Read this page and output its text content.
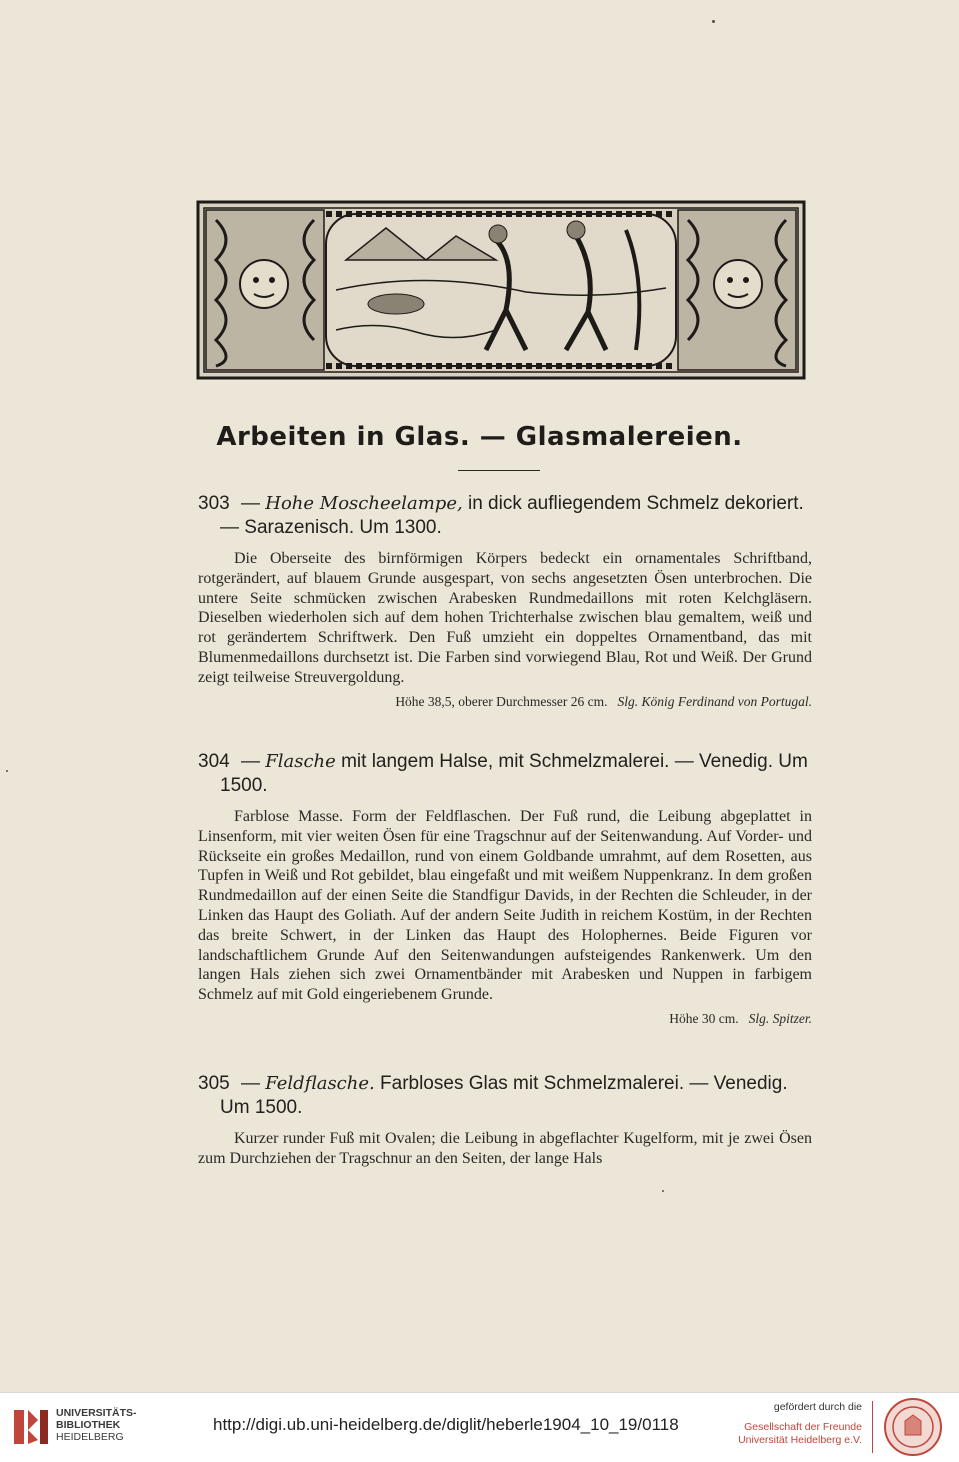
Arbeiten in Glas. — Glasmalereien.
303 — Hohe Moscheelampe, in dick aufliegendem Schmelz dekoriert. — Sarazenisch. Um 1300.
Die Oberseite des birnförmigen Körpers bedeckt ein ornamentales Schriftband, rotgerändert, auf blauem Grunde ausgespart, von sechs angesetzten Ösen unterbrochen. Die untere Seite schmücken zwischen Arabesken Rundmedaillons mit roten Kelchgläsern. Dieselben wiederholen sich auf dem hohen Trichterhalse zwischen blau gemaltem, weiß und rot gerändertem Schriftwerk. Den Fuß umzieht ein doppeltes Ornamentband, das mit Blumenmedaillons durchsetzt ist. Die Farben sind vorwiegend Blau, Rot und Weiß. Der Grund zeigt teilweise Streuvergoldung.
Höhe 38,5, oberer Durchmesser 26 cm. Slg. König Ferdinand von Portugal.
304 — Flasche mit langem Halse, mit Schmelzmalerei. — Venedig. Um 1500.
Farblose Masse. Form der Feldflaschen. Der Fuß rund, die Leibung abgeplattet in Linsenform, mit vier weiten Ösen für eine Tragschnur auf der Seitenwandung. Auf Vorder- und Rückseite ein großes Medaillon, rund von einem Goldbande umrahmt, auf dem Rosetten, aus Tupfen in Weiß und Rot gebildet, blau eingefaßt und mit weißem Nuppenkranz. In dem großen Rundmedaillon auf der einen Seite die Standfigur Davids, in der Rechten die Schleuder, in der Linken das Haupt des Goliath. Auf der andern Seite Judith in reichem Kostüm, in der Rechten das breite Schwert, in der Linken das Haupt des Holophernes. Beide Figuren vor landschaftlichem Grunde Auf den Seitenwandungen aufsteigendes Rankenwerk. Um den langen Hals ziehen sich zwei Ornamentbänder mit Arabesken und Nuppen in farbigem Schmelz auf mit Gold eingeriebenem Grunde.
Höhe 30 cm. Slg. Spitzer.
305 — Feldflasche. Farbloses Glas mit Schmelzmalerei. — Venedig. Um 1500.
Kurzer runder Fuß mit Ovalen; die Leibung in abgeflachter Kugelform, mit je zwei Ösen zum Durchziehen der Tragschnur an den Seiten, der lange Hals
UNIVERSITÄTS-
BIBLIOTHEK
HEIDELBERG
http://digi.ub.uni-heidelberg.de/diglit/heberle1904_10_19/0118
gefördert durch die
Gesellschaft der Freunde
Universität Heidelberg e.V.
